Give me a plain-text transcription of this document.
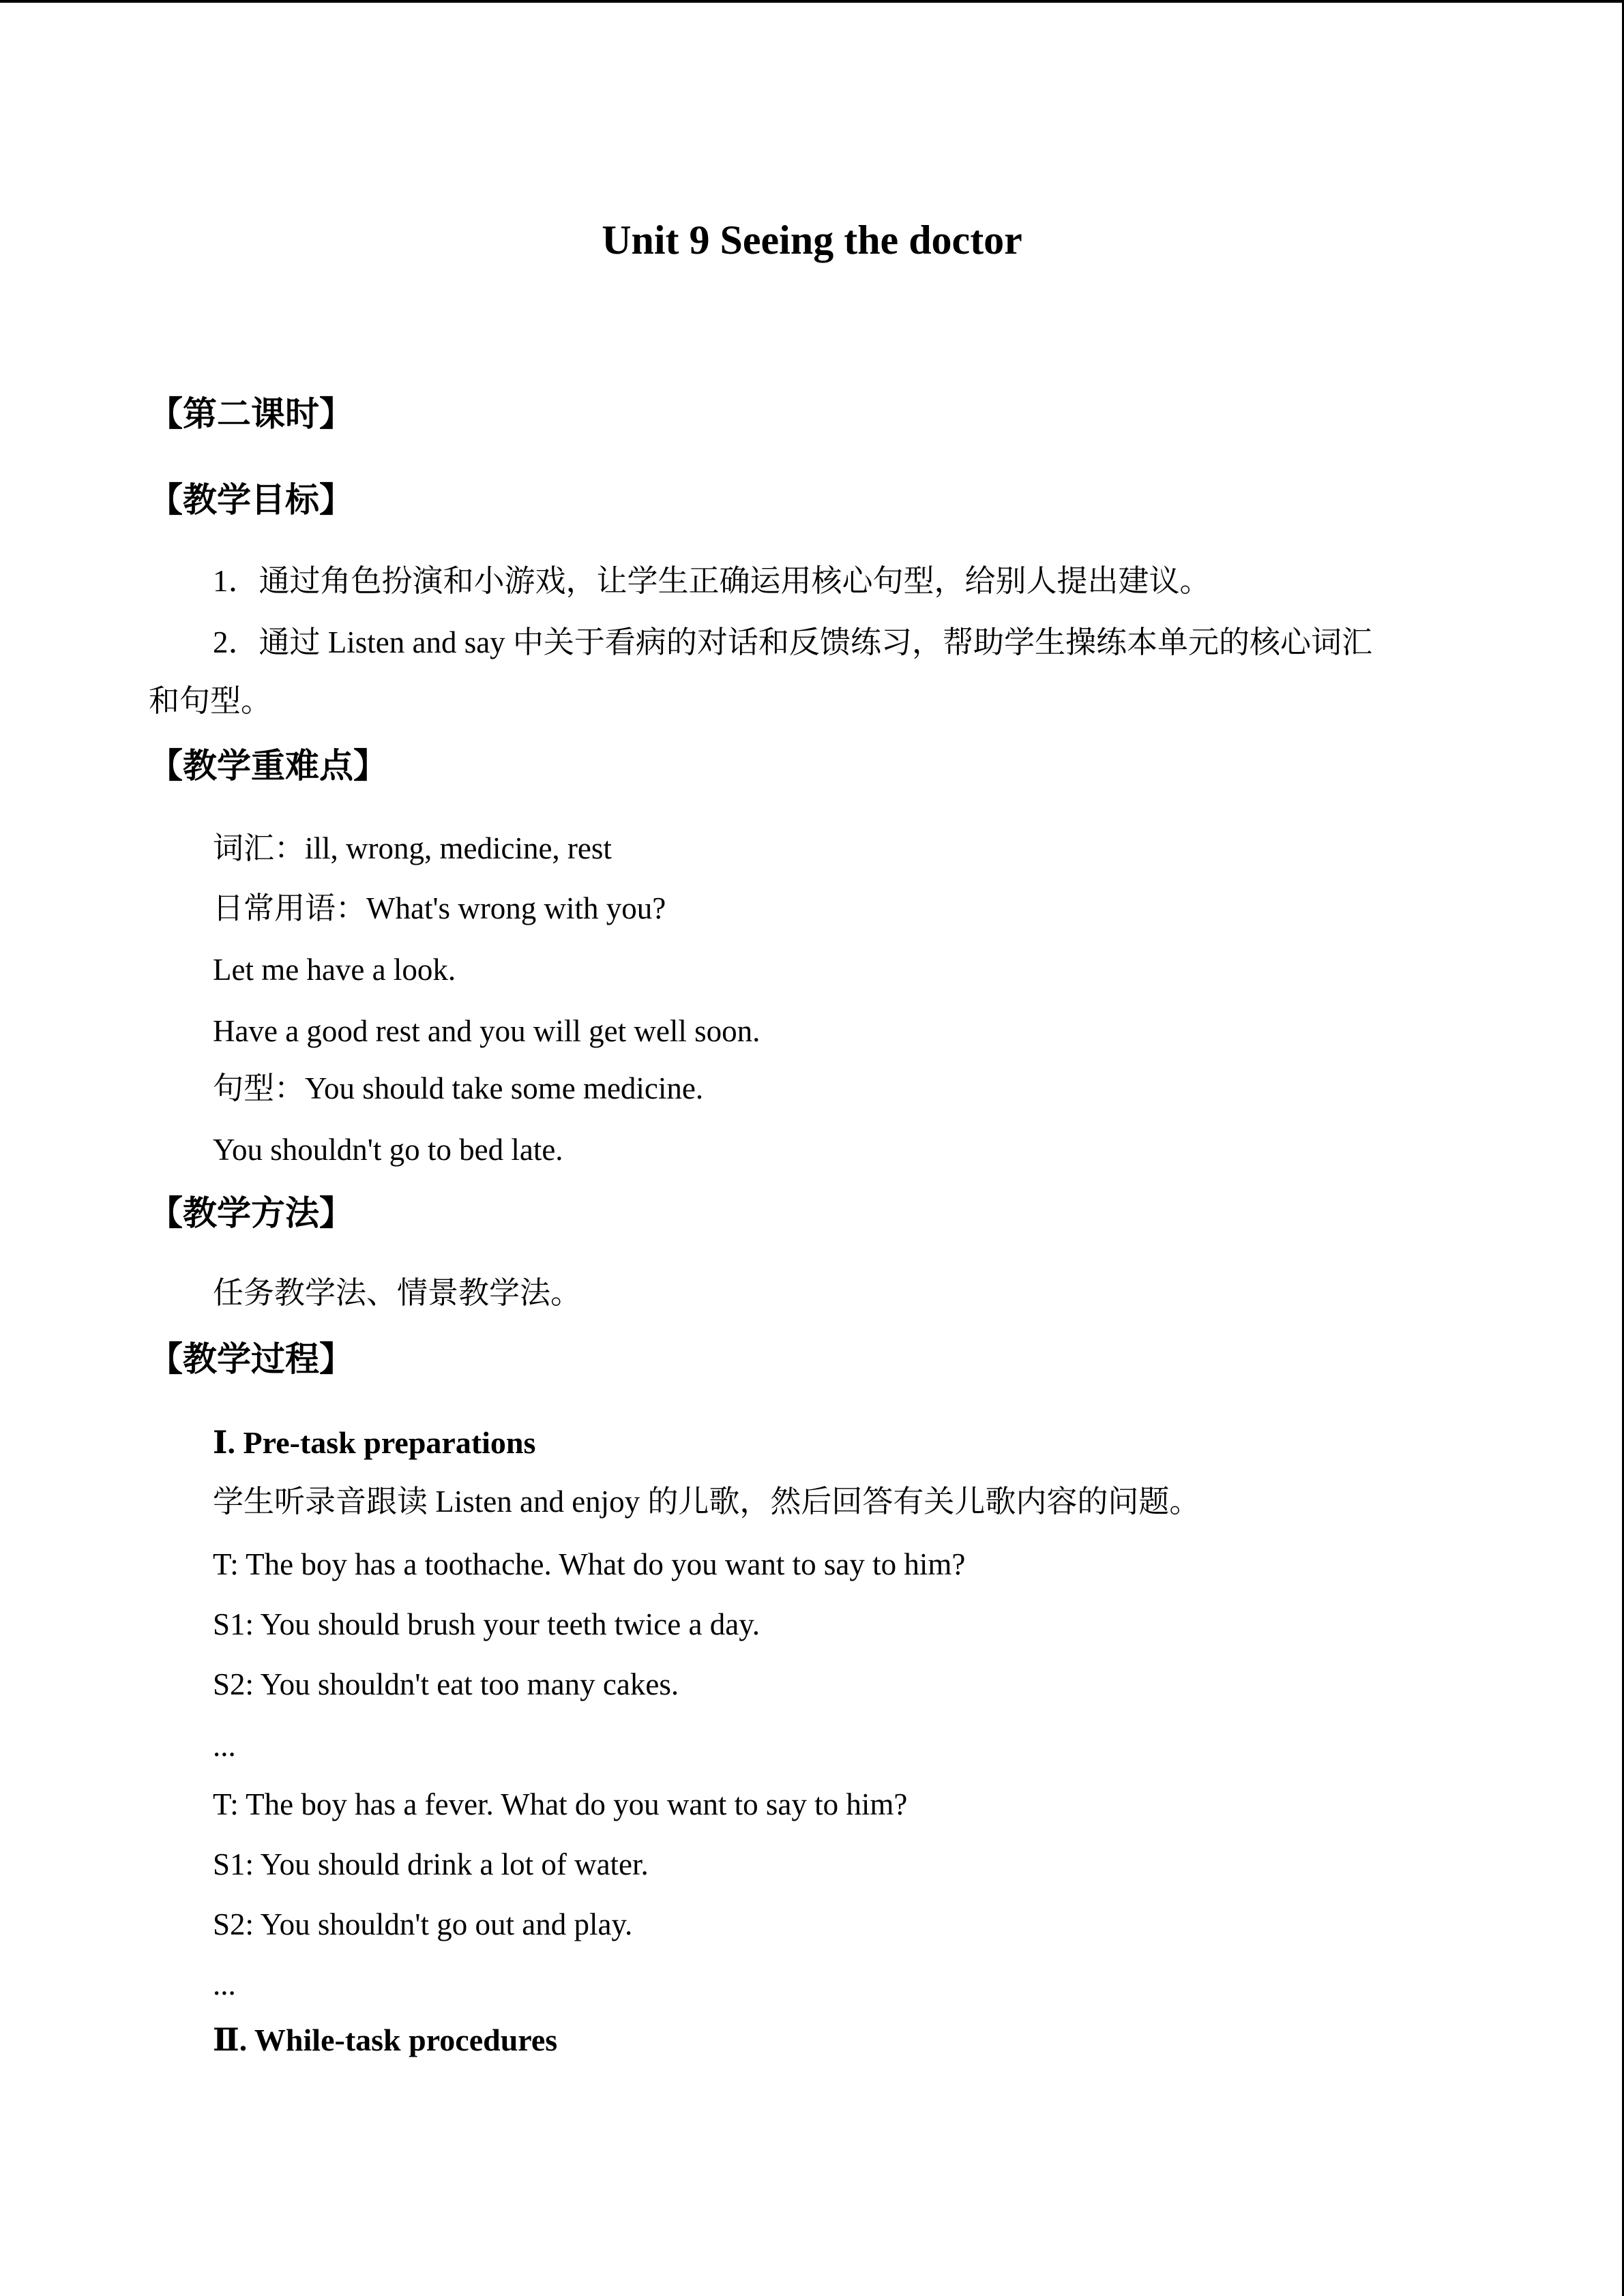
Unit 9 Seeing the doctor
【第二课时】
【教学目标】
1．通过角色扮演和小游戏，让学生正确运用核心句型，给别人提出建议。
2．通过 Listen and say 中关于看病的对话和反馈练习，帮助学生操练本单元的核心词汇
和句型。
【教学重难点】
词汇：ill, wrong, medicine, rest
日常用语：What's wrong with you?
Let me have a look.
Have a good rest and you will get well soon.
句型：You should take some medicine.
You shouldn't go to bed late.
【教学方法】
任务教学法、情景教学法。
【教学过程】
Ⅰ. Pre-task preparations
学生听录音跟读 Listen and enjoy 的儿歌，然后回答有关儿歌内容的问题。
T: The boy has a toothache. What do you want to say to him?
S1: You should brush your teeth twice a day.
S2: You shouldn't eat too many cakes.
...
T: The boy has a fever. What do you want to say to him?
S1: You should drink a lot of water.
S2: You shouldn't go out and play.
...
Ⅱ. While-task procedures
